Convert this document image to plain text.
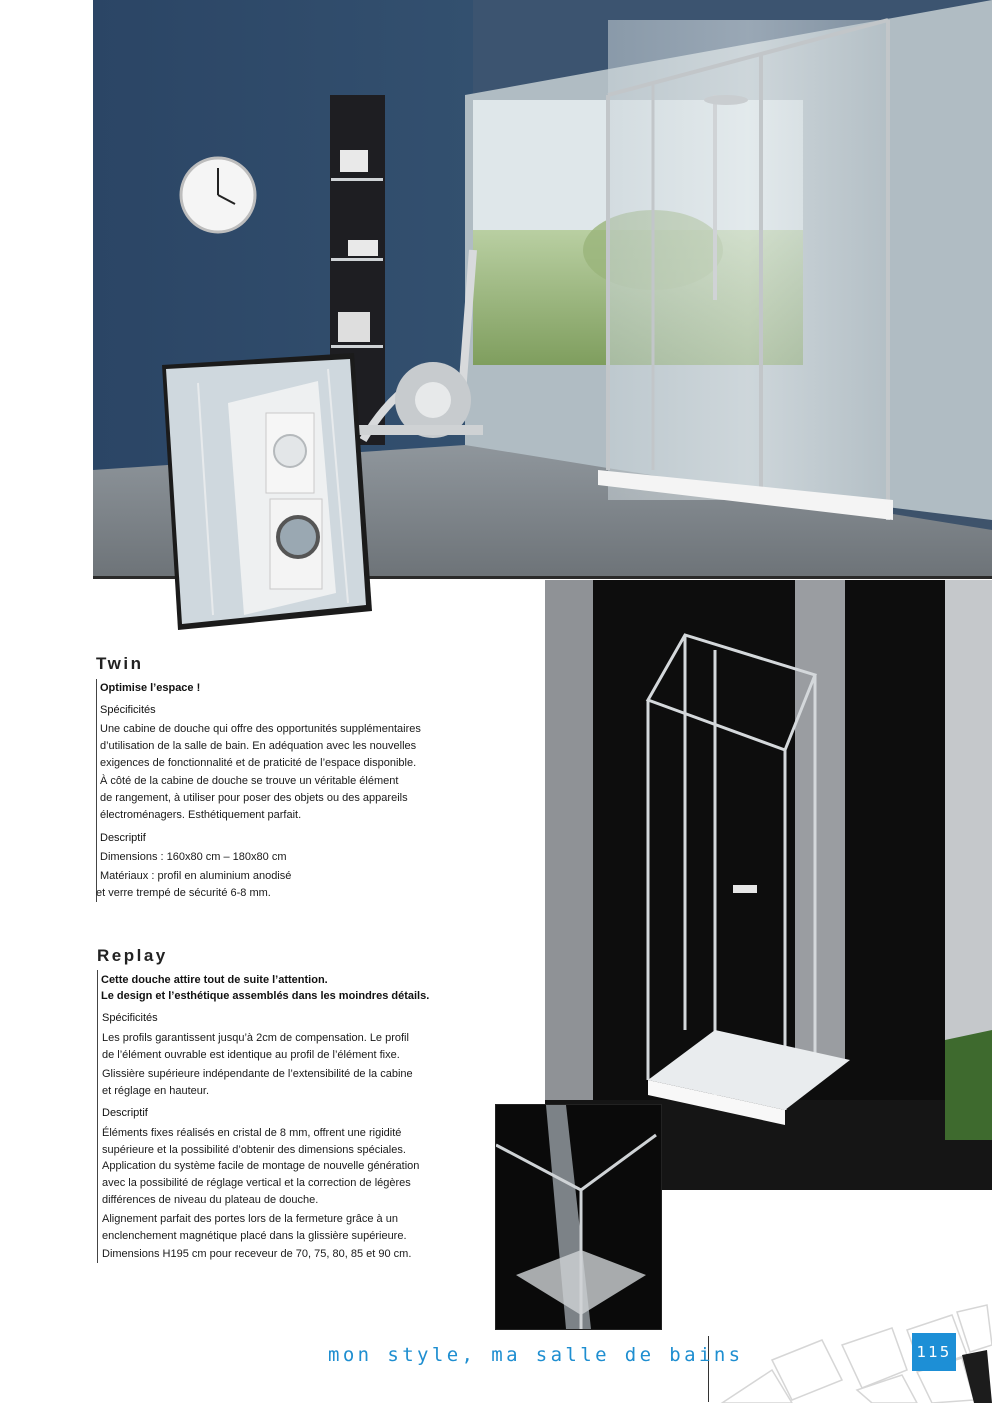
Twin

Optimise l’espace !

Spécificités

Une cabine de douche qui offre des opportunités supplémentaires

d’utilisation de la salle de bain. En adéquation avec les nouvelles

exigences de fonctionnalité et de praticité de l’espace disponible.

À côté de la cabine de douche se trouve un véritable élément

de rangement, à utiliser pour poser des objets ou des appareils

électroménagers. Esthétiquement parfait.

Descriptif

Dimensions : 160x80 cm – 180x80 cm

Matériaux : profil en aluminium anodisé

et verre trempé de sécurité 6-8 mm.

Replay

Cette douche attire tout de suite l’attention.

Le design et l’esthétique assemblés dans les moindres détails.

Spécificités

Les profils garantissent jusqu’à 2cm de compensation. Le profil

de l’élément ouvrable est identique au profil de l’élément fixe.

Glissière supérieure indépendante de l’extensibilité de la cabine

et réglage en hauteur.

Descriptif

Éléments fixes réalisés en cristal de 8 mm, offrent une rigidité

supérieure et la possibilité d’obtenir des dimensions spéciales.

Application du système facile de montage de nouvelle génération

avec la possibilité de réglage vertical et la correction de légères

différences de niveau du plateau de douche.

Alignement parfait des portes lors de la fermeture grâce à un

enclenchement magnétique placé dans la glissière supérieure.

Dimensions H195 cm pour receveur de 70, 75, 80, 85 et 90 cm.

mon style, ma salle de bains	115
